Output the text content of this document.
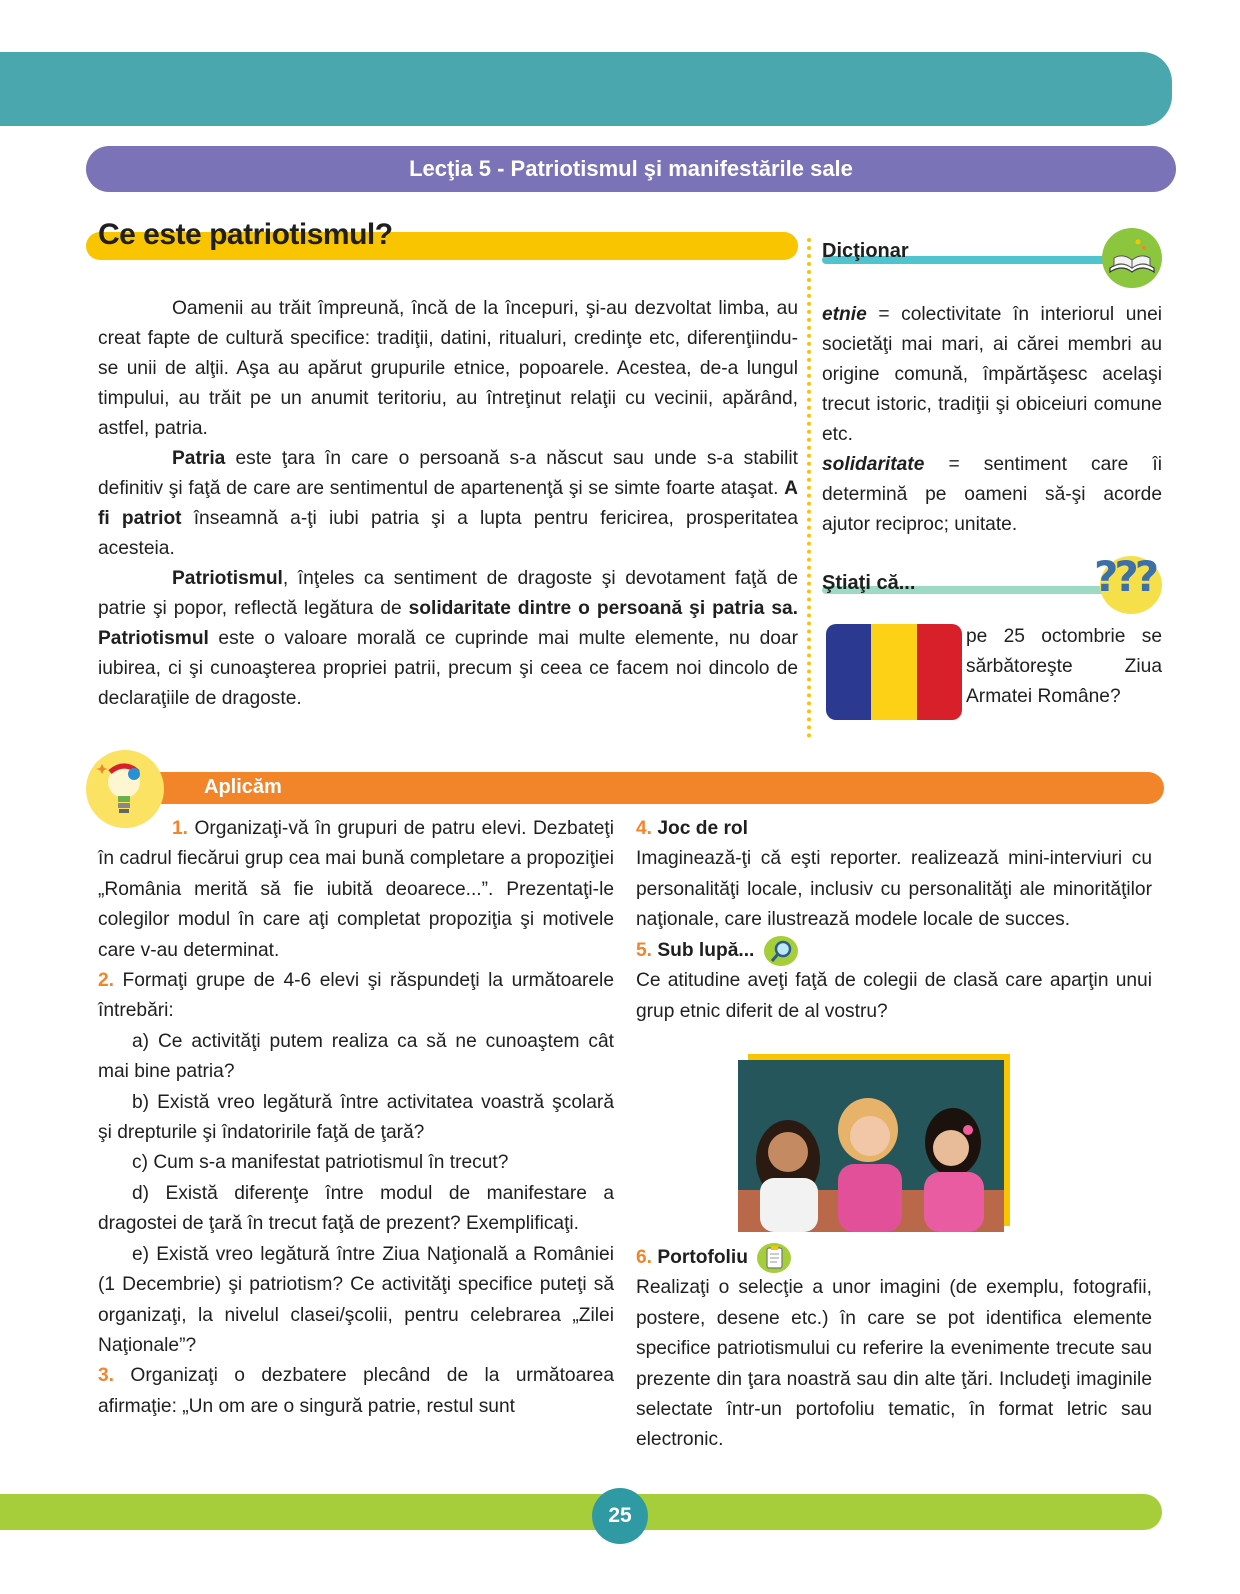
Lecţia 5 - Patriotismul şi manifestările sale
Ce este patriotismul?

Oamenii au trăit împreună, încă de la începuri, şi-au dezvoltat limba, au creat fapte de cultură specifice: tradiţii, datini, ritualuri, credinţe etc, diferenţiindu-se unii de alţii. Aşa au apărut grupurile etnice, popoarele. Acestea, de-a lungul timpului, au trăit pe un anumit teritoriu, au întreţinut relaţii cu vecinii, apărând, astfel, patria.

Patria este ţara în care o persoană s-a născut sau unde s-a stabilit definitiv şi faţă de care are sentimentul de apartenenţă şi se simte foarte ataşat. A fi patriot înseamnă a-ţi iubi patria şi a lupta pentru fericirea, prosperitatea acesteia.

Patriotismul, înţeles ca sentiment de dragoste şi devotament faţă de patrie şi popor, reflectă legătura de solidaritate dintre o persoană şi patria sa. Patriotismul este o valoare morală ce cuprinde mai multe elemente, nu doar iubirea, ci şi cunoaşterea propriei patrii, precum şi ceea ce facem noi dincolo de declaraţiile de dragoste.

Dicţionar
etnie = colectivitate în interiorul unei societăţi mai mari, ai cărei membri au origine comună, împărtăşesc acelaşi trecut istoric, tradiţii şi obiceiuri comune etc.
solidaritate = sentiment care îi determină pe oameni să-şi acorde ajutor reciproc; unitate.
Ştiaţi că...	???
pe 25 octombrie se sărbătoreşte Ziua Armatei Române?
Aplicăm
1. Organizaţi-vă în grupuri de patru elevi. Dezbateţi în cadrul fiecărui grup cea mai bună completare a propoziţiei „România merită să fie iubită deoarece...”. Prezentaţi-le colegilor modul în care aţi completat propoziţia şi motivele care v-au determinat.
2. Formaţi grupe de 4-6 elevi şi răspundeţi la următoarele întrebări:
a) Ce activităţi putem realiza ca să ne cunoaştem cât mai bine patria?
b) Există vreo legătură între activitatea voastră şcolară şi drepturile şi îndatoririle faţă de ţară?
c) Cum s-a manifestat patriotismul în trecut?
d) Există diferenţe între modul de manifestare a dragostei de ţară în trecut faţă de prezent? Exemplificaţi.
e) Există vreo legătură între Ziua Naţională a României (1 Decembrie) şi patriotism? Ce activităţi specifice puteţi să organizaţi, la nivelul clasei/şcolii, pentru celebrarea „Zilei Naţionale”?
3. Organizaţi o dezbatere plecând de la următoarea afirmaţie: „Un om are o singură patrie, restul sunt
4. Joc de rol
Imaginează-ţi că eşti reporter. realizează mini-interviuri cu personalităţi locale, inclusiv cu personalităţi ale minorităţilor naţionale, care ilustrează modele locale de succes.
5. Sub lupă...
Ce atitudine aveţi faţă de colegii de clasă care aparţin unui grup etnic diferit de al vostru?
6. Portofoliu
Realizaţi o selecţie a unor imagini (de exemplu, fotografii, postere, desene etc.) în care se pot identifica elemente specifice patriotismului cu referire la evenimente trecute sau prezente din ţara noastră sau din alte ţări. Includeţi imaginile selectate într-un portofoliu tematic, în format letric sau electronic.
25
